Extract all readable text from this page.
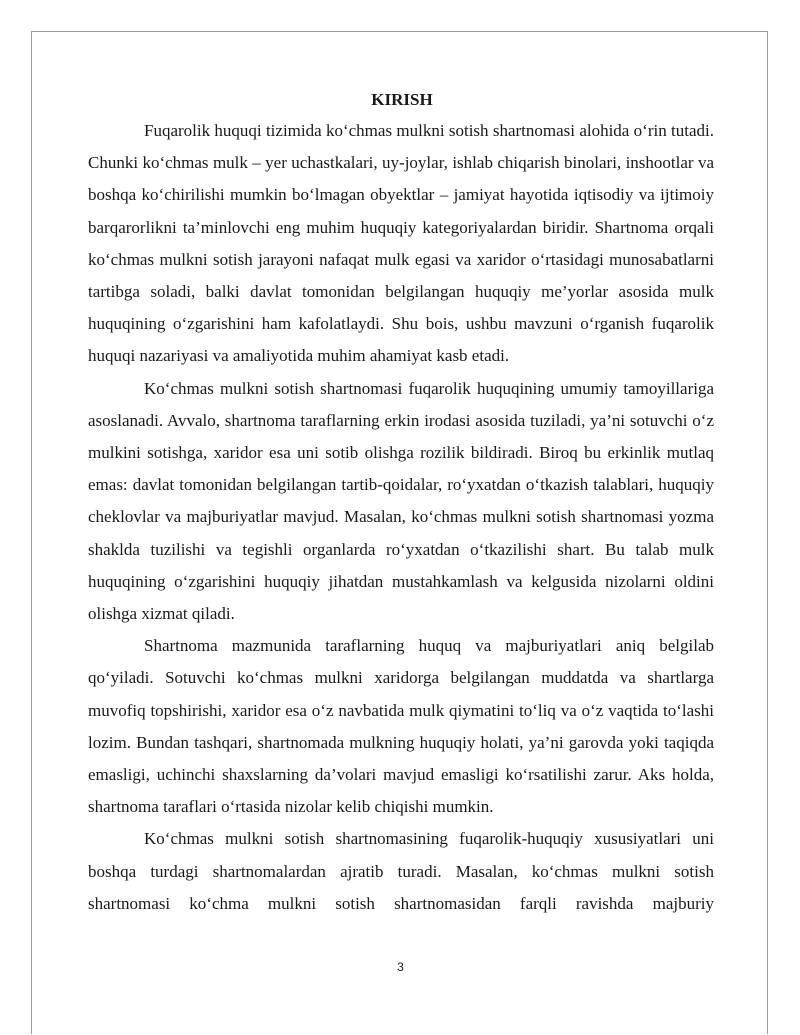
KIRISH

Fuqarolik huquqi tizimida ko‘chmas mulkni sotish shartnomasi alohida o‘rin tutadi. Chunki ko‘chmas mulk – yer uchastkalari, uy-joylar, ishlab chiqarish binolari, inshootlar va boshqa ko‘chirilishi mumkin bo‘lmagan obyektlar – jamiyat hayotida iqtisodiy va ijtimoiy barqarorlikni ta’minlovchi eng muhim huquqiy kategoriyalardan biridir. Shartnoma orqali ko‘chmas mulkni sotish jarayoni nafaqat mulk egasi va xaridor o‘rtasidagi munosabatlarni tartibga soladi, balki davlat tomonidan belgilangan huquqiy me’yorlar asosida mulk huquqining o‘zgarishini ham kafolatlaydi. Shu bois, ushbu mavzuni o‘rganish fuqarolik huquqi nazariyasi va amaliyotida muhim ahamiyat kasb etadi.

Ko‘chmas mulkni sotish shartnomasi fuqarolik huquqining umumiy tamoyillariga asoslanadi. Avvalo, shartnoma taraflarning erkin irodasi asosida tuziladi, ya’ni sotuvchi o‘z mulkini sotishga, xaridor esa uni sotib olishga rozilik bildiradi. Biroq bu erkinlik mutlaq emas: davlat tomonidan belgilangan tartib-qoidalar, ro‘yxatdan o‘tkazish talablari, huquqiy cheklovlar va majburiyatlar mavjud. Masalan, ko‘chmas mulkni sotish shartnomasi yozma shaklda tuzilishi va tegishli organlarda ro‘yxatdan o‘tkazilishi shart. Bu talab mulk huquqining o‘zgarishini huquqiy jihatdan mustahkamlash va kelgusida nizolarni oldini olishga xizmat qiladi.

Shartnoma mazmunida taraflarning huquq va majburiyatlari aniq belgilab qo‘yiladi. Sotuvchi ko‘chmas mulkni xaridorga belgilangan muddatda va shartlarga muvofiq topshirishi, xaridor esa o‘z navbatida mulk qiymatini to‘liq va o‘z vaqtida to‘lashi lozim. Bundan tashqari, shartnomada mulkning huquqiy holati, ya’ni garovda yoki taqiqda emasligi, uchinchi shaxslarning da’volari mavjud emasligi ko‘rsatilishi zarur. Aks holda, shartnoma taraflari o‘rtasida nizolar kelib chiqishi mumkin.

Ko‘chmas mulkni sotish shartnomasining fuqarolik-huquqiy xususiyatlari uni boshqa turdagi shartnomalardan ajratib turadi. Masalan, ko‘chmas mulkni sotish shartnomasi ko‘chma mulkni sotish shartnomasidan farqli ravishda majburiy

3
